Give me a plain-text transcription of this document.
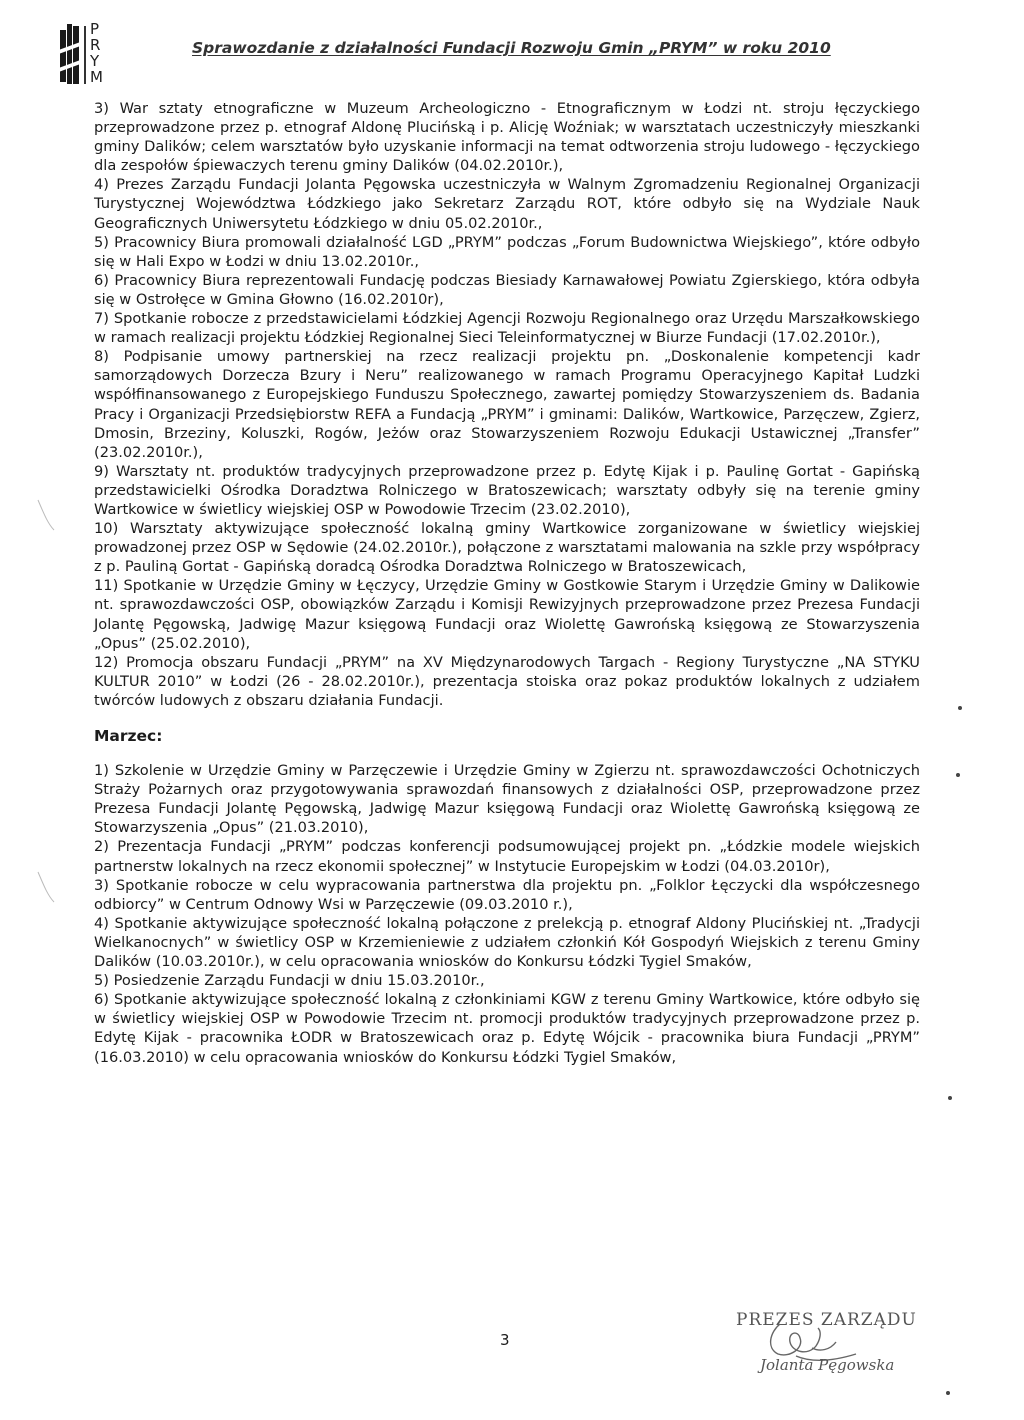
P
R
Y
M
Sprawozdanie z działalności Fundacji Rozwoju Gmin „PRYM” w roku 2010

3) War sztaty etnograficzne w Muzeum Archeologiczno - Etnograficznym w Łodzi nt. stroju łęczyckiego przeprowadzone przez p. etnograf Aldonę Plucińską i p. Alicję Woźniak; w warsztatach uczestniczyły mieszkanki gminy Dalików; celem warsztatów było uzyskanie informacji na temat odtworzenia stroju ludowego - łęczyckiego dla zespołów śpiewaczych terenu gminy Dalików (04.02.2010r.),

4) Prezes Zarządu Fundacji Jolanta Pęgowska uczestniczyła w Walnym Zgromadzeniu Regionalnej Organizacji Turystycznej Województwa Łódzkiego jako Sekretarz Zarządu ROT, które odbyło się na Wydziale Nauk Geograficznych Uniwersytetu Łódzkiego w dniu 05.02.2010r.,

5) Pracownicy Biura promowali działalność LGD „PRYM” podczas „Forum Budownictwa Wiejskiego”, które odbyło się w Hali Expo w Łodzi w dniu 13.02.2010r.,

6) Pracownicy Biura reprezentowali Fundację podczas Biesiady Karnawałowej Powiatu Zgierskiego, która odbyła się w Ostrołęce w Gmina Głowno (16.02.2010r),

7) Spotkanie robocze z przedstawicielami Łódzkiej Agencji Rozwoju Regionalnego oraz Urzędu Marszałkowskiego w ramach realizacji projektu Łódzkiej Regionalnej Sieci Teleinformatycznej w Biurze Fundacji (17.02.2010r.),

8) Podpisanie umowy partnerskiej na rzecz realizacji projektu pn. „Doskonalenie kompetencji kadr samorządowych Dorzecza Bzury i Neru” realizowanego w ramach Programu Operacyjnego Kapitał Ludzki współfinansowanego z Europejskiego Funduszu Społecznego, zawartej pomiędzy Stowarzyszeniem ds. Badania Pracy i Organizacji Przedsiębiorstw REFA a Fundacją „PRYM” i gminami: Dalików, Wartkowice, Parzęczew, Zgierz, Dmosin, Brzeziny, Koluszki, Rogów, Jeżów oraz Stowarzyszeniem Rozwoju Edukacji Ustawicznej „Transfer” (23.02.2010r.),

9) Warsztaty nt. produktów tradycyjnych przeprowadzone przez p. Edytę Kijak i p. Paulinę Gortat - Gapińską przedstawicielki Ośrodka Doradztwa Rolniczego w Bratoszewicach; warsztaty odbyły się na terenie gminy Wartkowice w świetlicy wiejskiej OSP w Powodowie Trzecim (23.02.2010),

10) Warsztaty aktywizujące społeczność lokalną gminy Wartkowice zorganizowane w świetlicy wiejskiej prowadzonej przez OSP w Sędowie (24.02.2010r.), połączone z warsztatami malowania na szkle przy współpracy z p. Pauliną Gortat - Gapińską doradcą Ośrodka Doradztwa Rolniczego w Bratoszewicach,

11) Spotkanie w Urzędzie Gminy w Łęczycy, Urzędzie Gminy w Gostkowie Starym i Urzędzie Gminy w Dalikowie nt. sprawozdawczości OSP, obowiązków Zarządu i Komisji Rewizyjnych przeprowadzone przez Prezesa Fundacji Jolantę Pęgowską, Jadwigę Mazur księgową Fundacji oraz Wiolettę Gawrońską księgową ze Stowarzyszenia „Opus” (25.02.2010),

12) Promocja obszaru Fundacji „PRYM” na XV Międzynarodowych Targach - Regiony Turystyczne „NA STYKU KULTUR 2010” w Łodzi (26 - 28.02.2010r.), prezentacja stoiska oraz pokaz produktów lokalnych z udziałem twórców ludowych z obszaru działania Fundacji.

Marzec:

1) Szkolenie w Urzędzie Gminy w Parzęczewie i Urzędzie Gminy w Zgierzu nt. sprawozdawczości Ochotniczych Straży Pożarnych oraz przygotowywania sprawozdań finansowych z działalności OSP, przeprowadzone przez Prezesa Fundacji Jolantę Pęgowską, Jadwigę Mazur księgową Fundacji oraz Wiolettę Gawrońską księgową ze Stowarzyszenia „Opus” (21.03.2010),

2) Prezentacja Fundacji „PRYM” podczas konferencji podsumowującej projekt pn. „Łódzkie modele wiejskich partnerstw lokalnych na rzecz ekonomii społecznej” w Instytucie Europejskim w Łodzi (04.03.2010r),

3) Spotkanie robocze w celu wypracowania partnerstwa dla projektu pn. „Folklor Łęczycki dla współczesnego odbiorcy” w Centrum Odnowy Wsi w Parzęczewie (09.03.2010 r.),

4) Spotkanie aktywizujące społeczność lokalną połączone z prelekcją p. etnograf Aldony Plucińskiej nt. „Tradycji Wielkanocnych” w świetlicy OSP w Krzemieniewie z udziałem członkiń Kół Gospodyń Wiejskich z terenu Gminy Dalików (10.03.2010r.), w celu opracowania wniosków do Konkursu Łódzki Tygiel Smaków,

5) Posiedzenie Zarządu Fundacji w dniu 15.03.2010r.,

6) Spotkanie aktywizujące społeczność lokalną z członkiniami KGW z terenu Gminy Wartkowice, które odbyło się w świetlicy wiejskiej OSP w Powodowie Trzecim nt. promocji produktów tradycyjnych przeprowadzone przez p. Edytę Kijak - pracownika ŁODR w Bratoszewicach oraz p. Edytę Wójcik - pracownika biura Fundacji „PRYM” (16.03.2010) w celu opracowania wniosków do Konkursu Łódzki Tygiel Smaków,

3
PREZES ZARZĄDU
Jolanta Pęgowska
